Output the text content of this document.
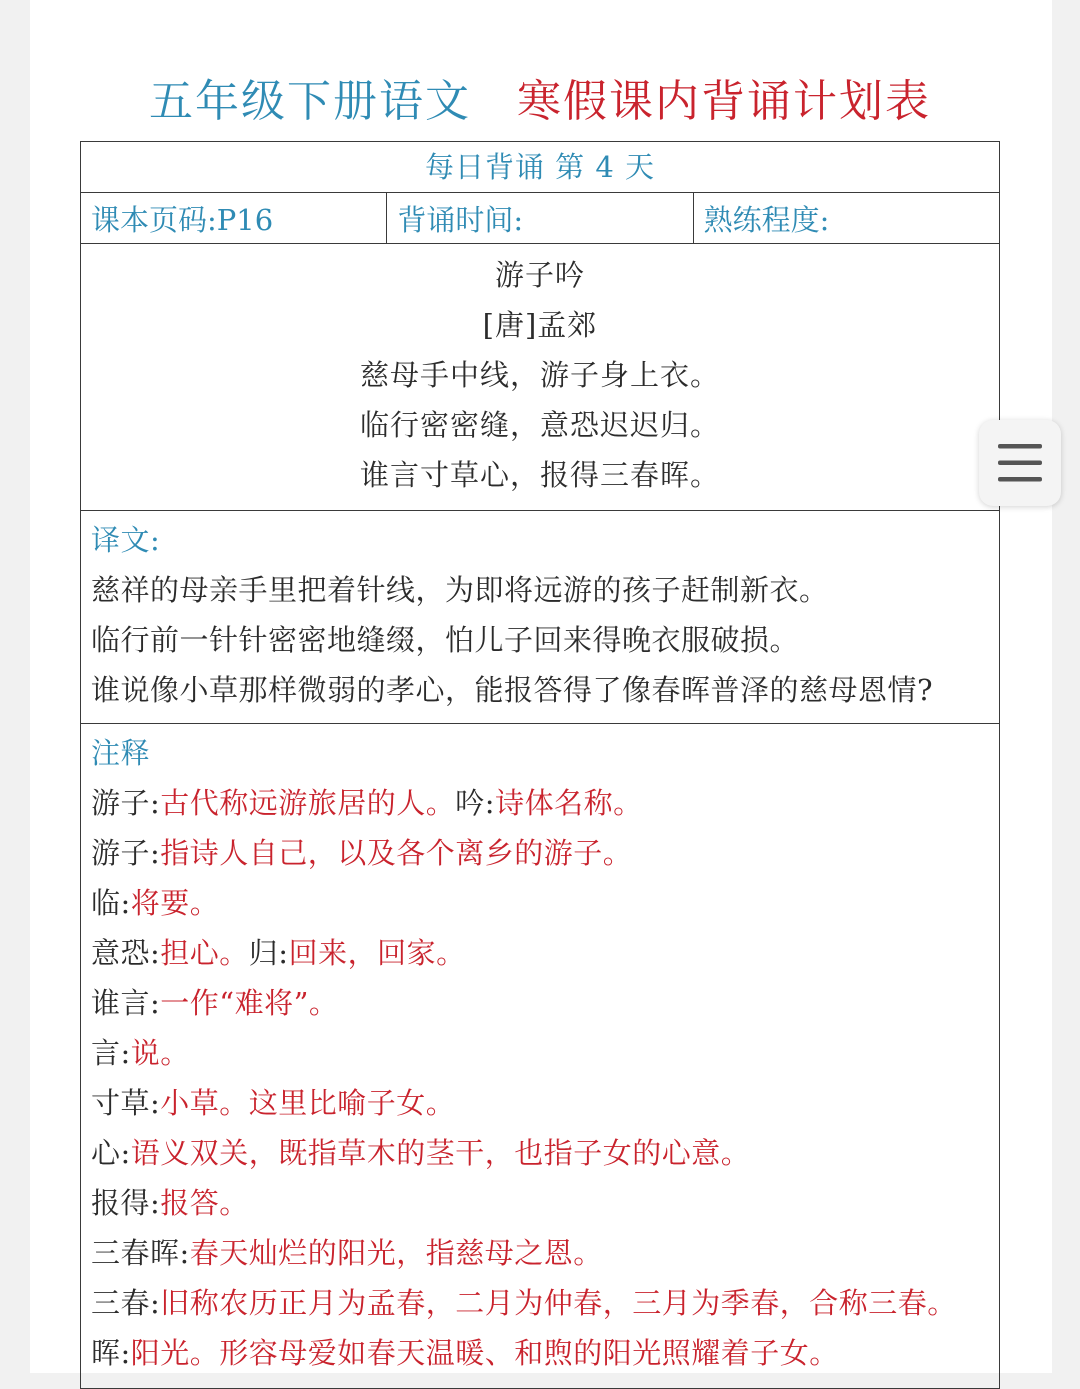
五年级下册语文 寒假课内背诵计划表
每日背诵 第 4 天
课本页码:P16	背诵时间:	熟练程度:
游子吟
[唐]孟郊
慈母手中线，游子身上衣。
临行密密缝，意恐迟迟归。
谁言寸草心，报得三春晖。
译文:
慈祥的母亲手里把着针线，为即将远游的孩子赶制新衣。
临行前一针针密密地缝缀，怕儿子回来得晚衣服破损。
谁说像小草那样微弱的孝心，能报答得了像春晖普泽的慈母恩情?
注释
游子:古代称远游旅居的人。吟:诗体名称。
游子:指诗人自己，以及各个离乡的游子。
临:将要。
意恐:担心。归:回来，回家。
谁言:一作“难将”。
言:说。
寸草:小草。这里比喻子女。
心:语义双关，既指草木的茎干，也指子女的心意。
报得:报答。
三春晖:春天灿烂的阳光，指慈母之恩。
三春:旧称农历正月为孟春，二月为仲春，三月为季春，合称三春。
晖:阳光。形容母爱如春天温暖、和煦的阳光照耀着子女。
